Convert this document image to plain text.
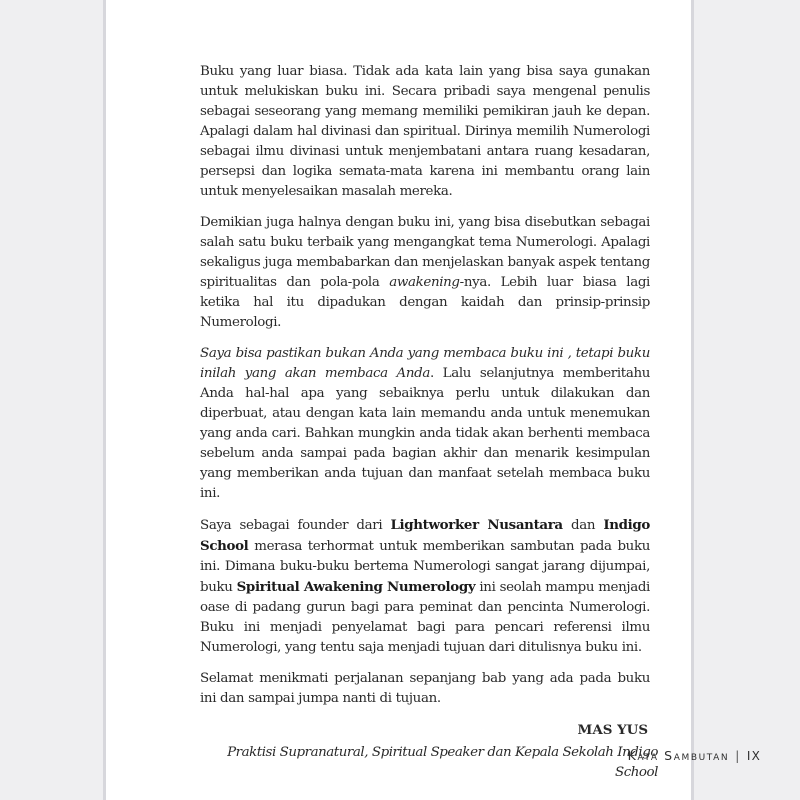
Buku yang luar biasa. Tidak ada kata lain yang bisa saya gunakan untuk melukiskan buku ini. Secara pribadi saya mengenal penulis sebagai seseorang yang memang memiliki pemikiran jauh ke depan. Apalagi dalam hal divinasi dan spiritual. Dirinya memilih Numerologi sebagai ilmu divinasi untuk menjembatani antara ruang kesadaran, persepsi dan logika semata-mata karena ini membantu orang lain untuk menyelesaikan masalah mereka.

Demikian juga halnya dengan buku ini, yang bisa disebutkan sebagai salah satu buku terbaik yang mengangkat tema Numerologi. Apalagi sekaligus juga membabarkan dan menjelaskan banyak aspek tentang spiritualitas dan pola-pola awakening-nya. Lebih luar biasa lagi ketika hal itu dipadukan dengan kaidah dan prinsip-prinsip Numerologi.

Saya bisa pastikan bukan Anda yang membaca buku ini , tetapi buku inilah yang akan membaca Anda. Lalu selanjutnya memberitahu Anda hal-hal apa yang sebaiknya perlu untuk dilakukan dan diperbuat, atau dengan kata lain memandu anda untuk menemukan yang anda cari. Bahkan mungkin anda tidak akan berhenti membaca sebelum anda sampai pada bagian akhir dan menarik kesimpulan yang memberikan anda tujuan dan manfaat setelah membaca buku ini.

Saya sebagai founder dari Lightworker Nusantara dan Indigo School merasa terhormat untuk memberikan sambutan pada buku ini. Dimana buku-buku bertema Numerologi sangat jarang dijumpai, buku Spiritual Awakening Numerology ini seolah mampu menjadi oase di padang gurun bagi para peminat dan pencinta Numerologi. Buku ini menjadi penyelamat bagi para pencari referensi ilmu Numerologi, yang tentu saja menjadi tujuan dari ditulisnya buku ini.

Selamat menikmati perjalanan sepanjang bab yang ada pada buku ini dan sampai jumpa nanti di tujuan.

MAS YUS
Praktisi Supranatural, Spiritual Speaker dan Kepala Sekolah Indigo School
Kata Sambutan | IX
